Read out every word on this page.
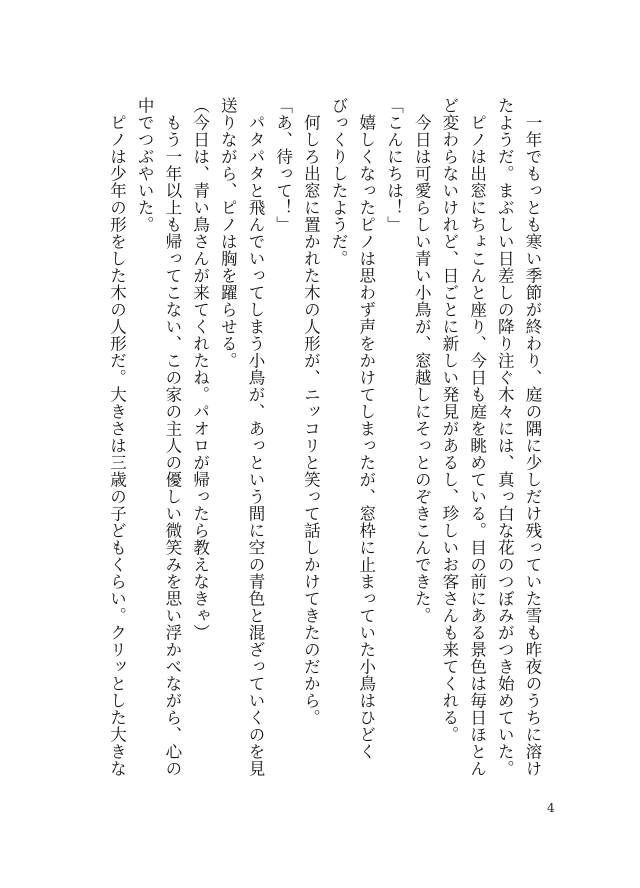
　一年でもっとも寒い季節が終わり、庭の隅に少しだけ残っていた雪も昨夜のうちに溶け
たようだ。まぶしい日差しの降り注ぐ木々には、真っ白な花のつぼみがつき始めていた。
　ピノは出窓にちょこんと座り、今日も庭を眺めている。目の前にある景色は毎日ほとん
ど変わらないけれど、日ごとに新しい発見があるし、珍しいお客さんも来てくれる。
　今日は可愛らしい青い小鳥が、窓越しにそっとのぞきこんできた。
「こんにちは！」
　嬉しくなったピノは思わず声をかけてしまったが、窓枠に止まっていた小鳥はひどく
びっくりしたようだ。
　何しろ出窓に置かれた木の人形が、ニッコリと笑って話しかけてきたのだから。
「あ、待って！」
　パタパタと飛んでいってしまう小鳥が、あっという間に空の青色と混ざっていくのを見
送りながら、ピノは胸を躍らせる。
（今日は、青い鳥さんが来てくれたね。パオロが帰ったら教えなきゃ）
　もう一年以上も帰ってこない、この家の主人の優しい微笑みを思い浮かべながら、心の
中でつぶやいた。
　ピノは少年の形をした木の人形だ。大きさは三歳の子どもくらい。クリッとした大きな
4
